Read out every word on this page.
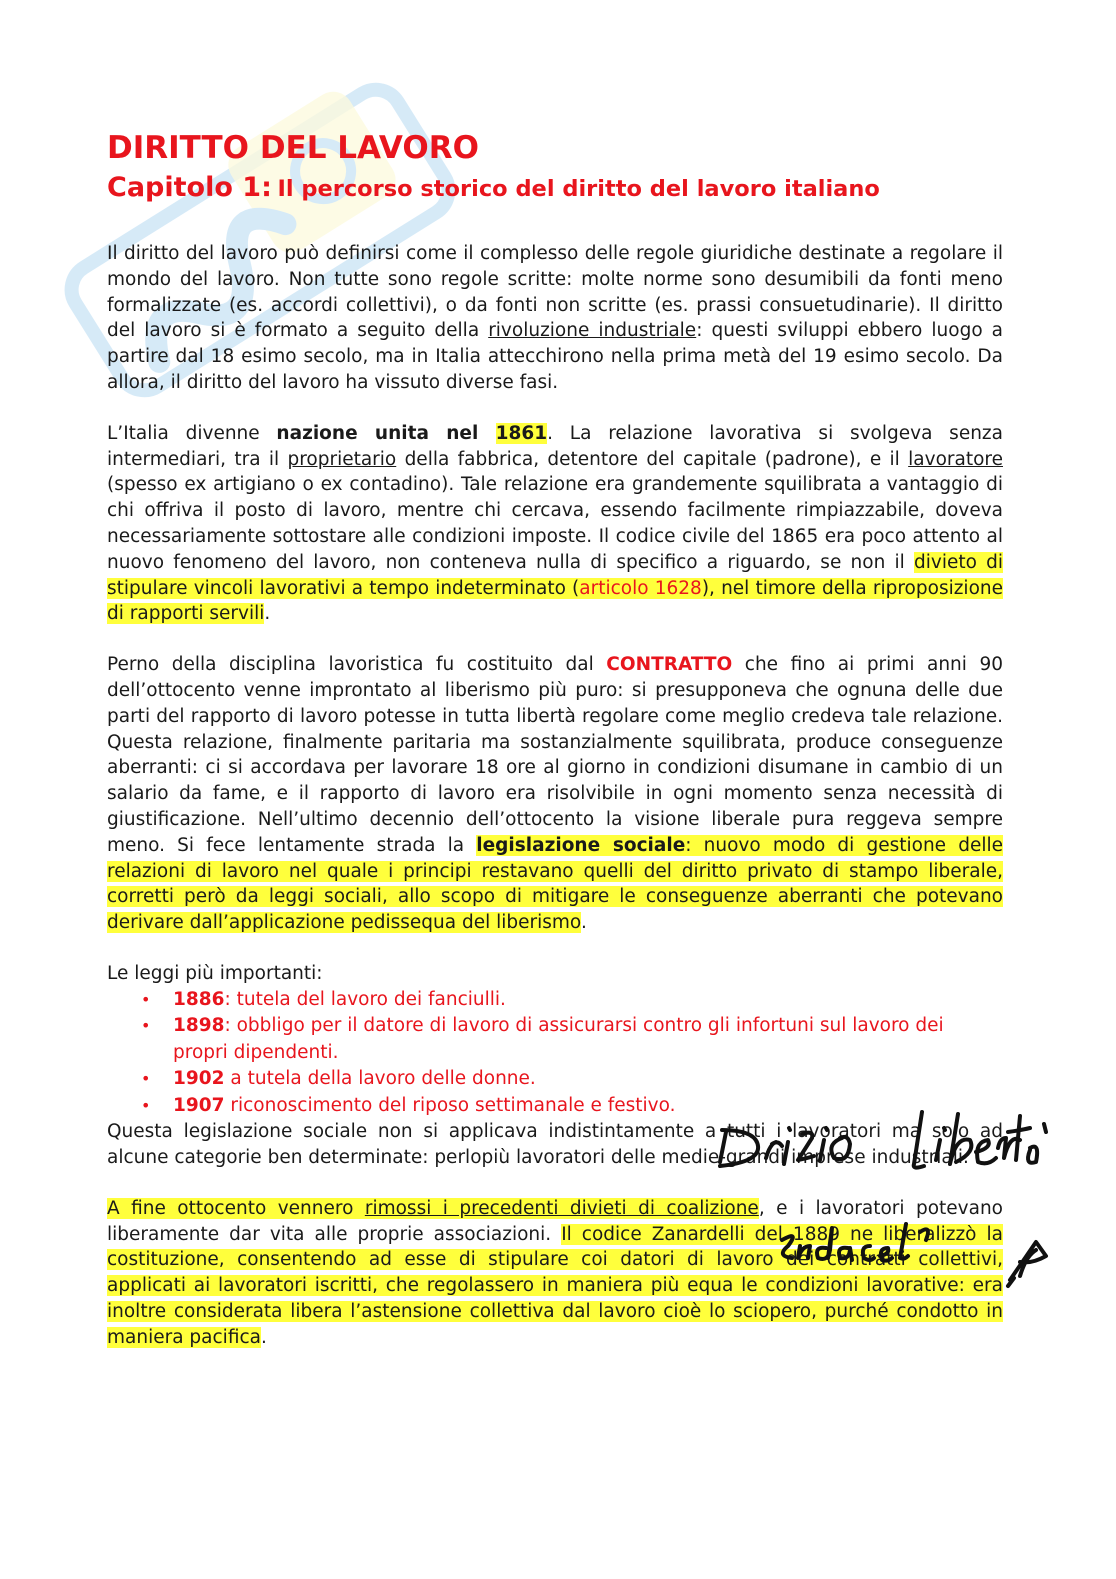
DIRITTO DEL LAVORO
Capitolo 1: Il percorso storico del diritto del lavoro italiano

Il diritto del lavoro può definirsi come il complesso delle regole giuridiche destinate a regolare il mondo del lavoro. Non tutte sono regole scritte: molte norme sono desumibili da fonti meno formalizzate (es. accordi collettivi), o da fonti non scritte (es. prassi consuetudinarie). Il diritto del lavoro si è formato a seguito della rivoluzione industriale: questi sviluppi ebbero luogo a partire dal 18 esimo secolo, ma in Italia attecchirono nella prima metà del 19 esimo secolo. Da allora, il diritto del lavoro ha vissuto diverse fasi.

L’Italia divenne nazione unita nel 1861. La relazione lavorativa si svolgeva senza intermediari, tra il proprietario della fabbrica, detentore del capitale (padrone), e il lavoratore (spesso ex artigiano o ex contadino). Tale relazione era grandemente squilibrata a vantaggio di chi offriva il posto di lavoro, mentre chi cercava, essendo facilmente rimpiazzabile, doveva necessariamente sottostare alle condizioni imposte. Il codice civile del 1865 era poco attento al nuovo fenomeno del lavoro, non conteneva nulla di specifico a riguardo, se non il divieto di stipulare vincoli lavorativi a tempo indeterminato (articolo 1628), nel timore della riproposizione di rapporti servili.

Perno della disciplina lavoristica fu costituito dal CONTRATTO che fino ai primi anni 90 dell’ottocento venne improntato al liberismo più puro: si presupponeva che ognuna delle due parti del rapporto di lavoro potesse in tutta libertà regolare come meglio credeva tale relazione. Questa relazione, finalmente paritaria ma sostanzialmente squilibrata, produce conseguenze aberranti: ci si accordava per lavorare 18 ore al giorno in condizioni disumane in cambio di un salario da fame, e il rapporto di lavoro era risolvibile in ogni momento senza necessità di giustificazione. Nell’ultimo decennio dell’ottocento la visione liberale pura reggeva sempre meno. Si fece lentamente strada la legislazione sociale: nuovo modo di gestione delle relazioni di lavoro nel quale i principi restavano quelli del diritto privato di stampo liberale, corretti però da leggi sociali, allo scopo di mitigare le conseguenze aberranti che potevano derivare dall’applicazione pedissequa del liberismo.

Le leggi più importanti:

• 1886: tutela del lavoro dei fanciulli.
• 1898: obbligo per il datore di lavoro di assicurarsi contro gli infortuni sul lavoro dei propri dipendenti.
• 1902 a tutela della lavoro delle donne.
• 1907 riconoscimento del riposo settimanale e festivo.

Questa legislazione sociale non si applicava indistintamente a tutti i lavoratori ma solo ad alcune categorie ben determinate: perlopiù lavoratori delle medie-grandi imprese industriali.

A fine ottocento vennero rimossi i precedenti divieti di coalizione, e i lavoratori potevano liberamente dar vita alle proprie associazioni. Il codice Zanardelli del 1889 ne liberalizzò la costituzione, consentendo ad esse di stipulare coi datori di lavoro dei contratti collettivi, applicati ai lavoratori iscritti, che regolassero in maniera più equa le condizioni lavorative: era inoltre considerata libera l’astensione collettiva dal lavoro cioè lo sciopero, purché condotto in maniera pacifica.
